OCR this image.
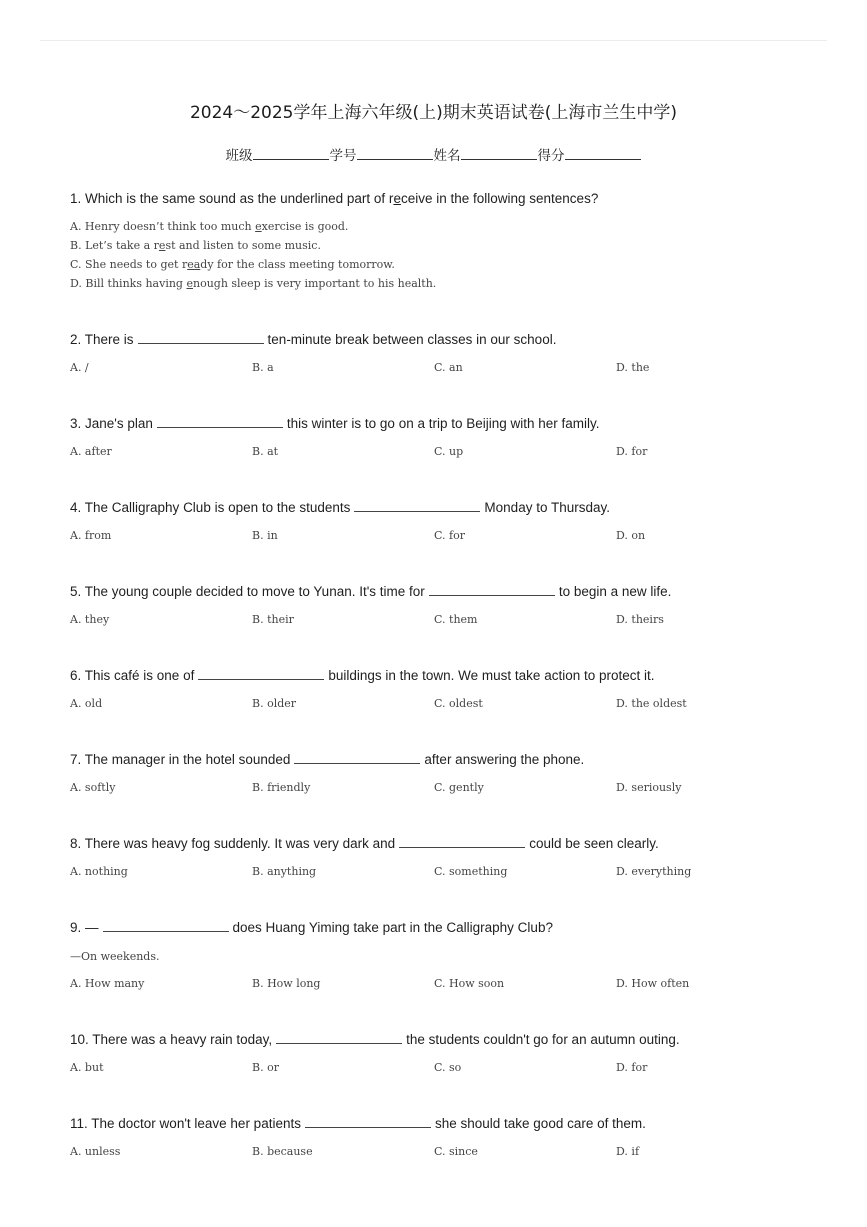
2024～2025学年上海六年级(上)期末英语试卷(上海市兰生中学)
班级	学号	姓名	得分
1. Which is the same sound as the underlined part of receive in the following sentences?
A. Henry doesn’t think too much exercise is good.
B. Let’s take a rest and listen to some music.
C. She needs to get ready for the class meeting tomorrow.
D. Bill thinks having enough sleep is very important to his health.
2. There is	ten-minute break between classes in our school.
A. /	B. a	C. an	D. the
3. Jane's plan	this winter is to go on a trip to Beijing with her family.
A. after	B. at	C. up	D. for
4. The Calligraphy Club is open to the students	Monday to Thursday.
A. from	B. in	C. for	D. on
5. The young couple decided to move to Yunan. It's time for	to begin a new life.
A. they	B. their	C. them	D. theirs
6. This café is one of	buildings in the town. We must take action to protect it.
A. old	B. older	C. oldest	D. the oldest
7. The manager in the hotel sounded	after answering the phone.
A. softly	B. friendly	C. gently	D. seriously
8. There was heavy fog suddenly. It was very dark and	could be seen clearly.
A. nothing	B. anything	C. something	D. everything
9. —	does Huang Yiming take part in the Calligraphy Club?
—On weekends.
A. How many	B. How long	C. How soon	D. How often
10. There was a heavy rain today,	the students couldn't go for an autumn outing.
A. but	B. or	C. so	D. for
11. The doctor won't leave her patients	she should take good care of them.
A. unless	B. because	C. since	D. if
